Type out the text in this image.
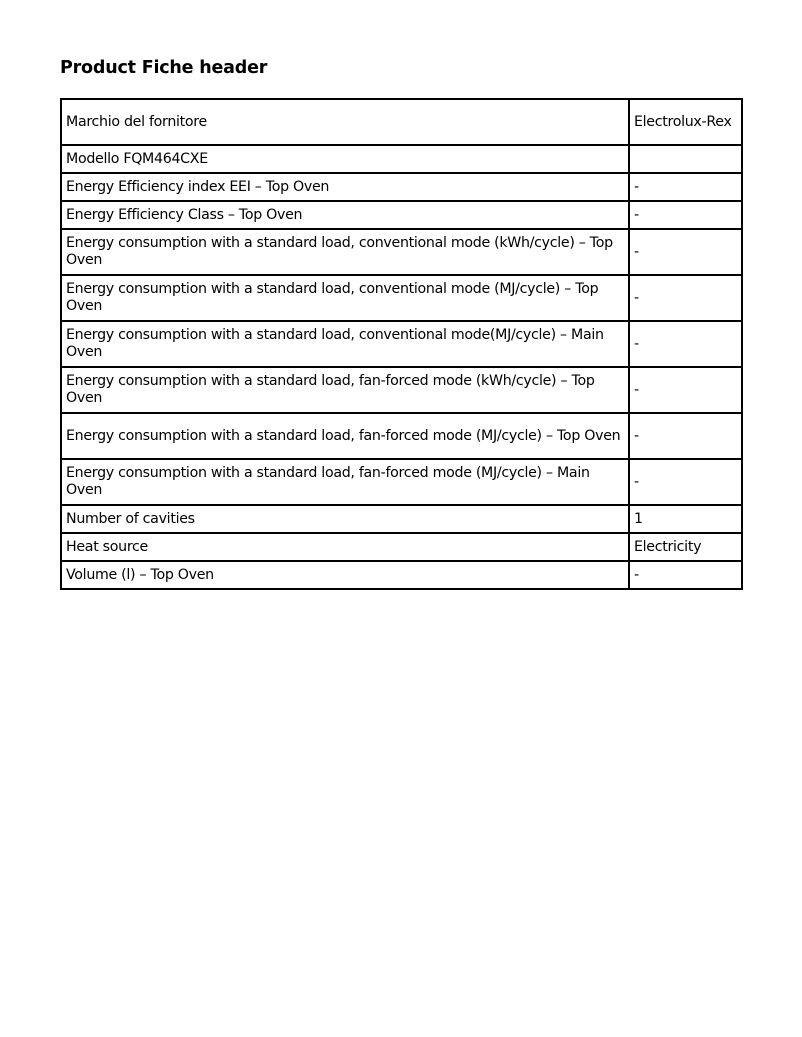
Product Fiche header
Marchio del fornitore	Electrolux-Rex
Modello FQM464CXE	
Energy Efficiency index EEI – Top Oven	-
Energy Efficiency Class – Top Oven	-
Energy consumption with a standard load, conventional mode (kWh/cycle) – Top Oven	-
Energy consumption with a standard load, conventional mode (MJ/cycle) – Top Oven	-
Energy consumption with a standard load, conventional mode(MJ/cycle) – Main Oven	-
Energy consumption with a standard load, fan-forced mode (kWh/cycle) – Top Oven	-
Energy consumption with a standard load, fan-forced mode (MJ/cycle) – Top Oven	-
Energy consumption with a standard load, fan-forced mode (MJ/cycle) – Main Oven	-
Number of cavities	1
Heat source	Electricity
Volume (l) – Top Oven	-
